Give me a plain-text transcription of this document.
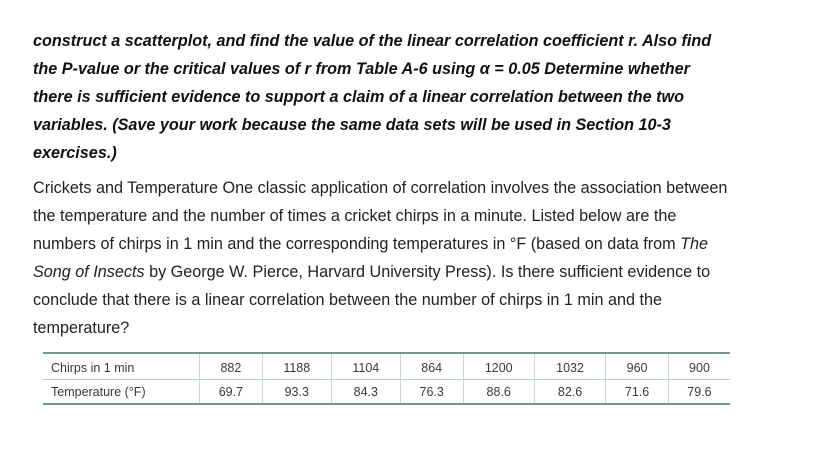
construct a scatterplot, and find the value of the linear correlation coefficient r. Also find
the P-value or the critical values of r from Table A-6 using α = 0.05 Determine whether
there is sufficient evidence to support a claim of a linear correlation between the two
variables. (Save your work because the same data sets will be used in Section 10-3
exercises.)
Crickets and Temperature One classic application of correlation involves the association between
the temperature and the number of times a cricket chirps in a minute. Listed below are the
numbers of chirps in 1 min and the corresponding temperatures in °F (based on data from The
Song of Insects by George W. Pierce, Harvard University Press). Is there sufficient evidence to
conclude that there is a linear correlation between the number of chirps in 1 min and the
temperature?
Chirps in 1 min	882	1188	1104	864	1200	1032	960	900
Temperature (°F)	69.7	93.3	84.3	76.3	88.6	82.6	71.6	79.6
